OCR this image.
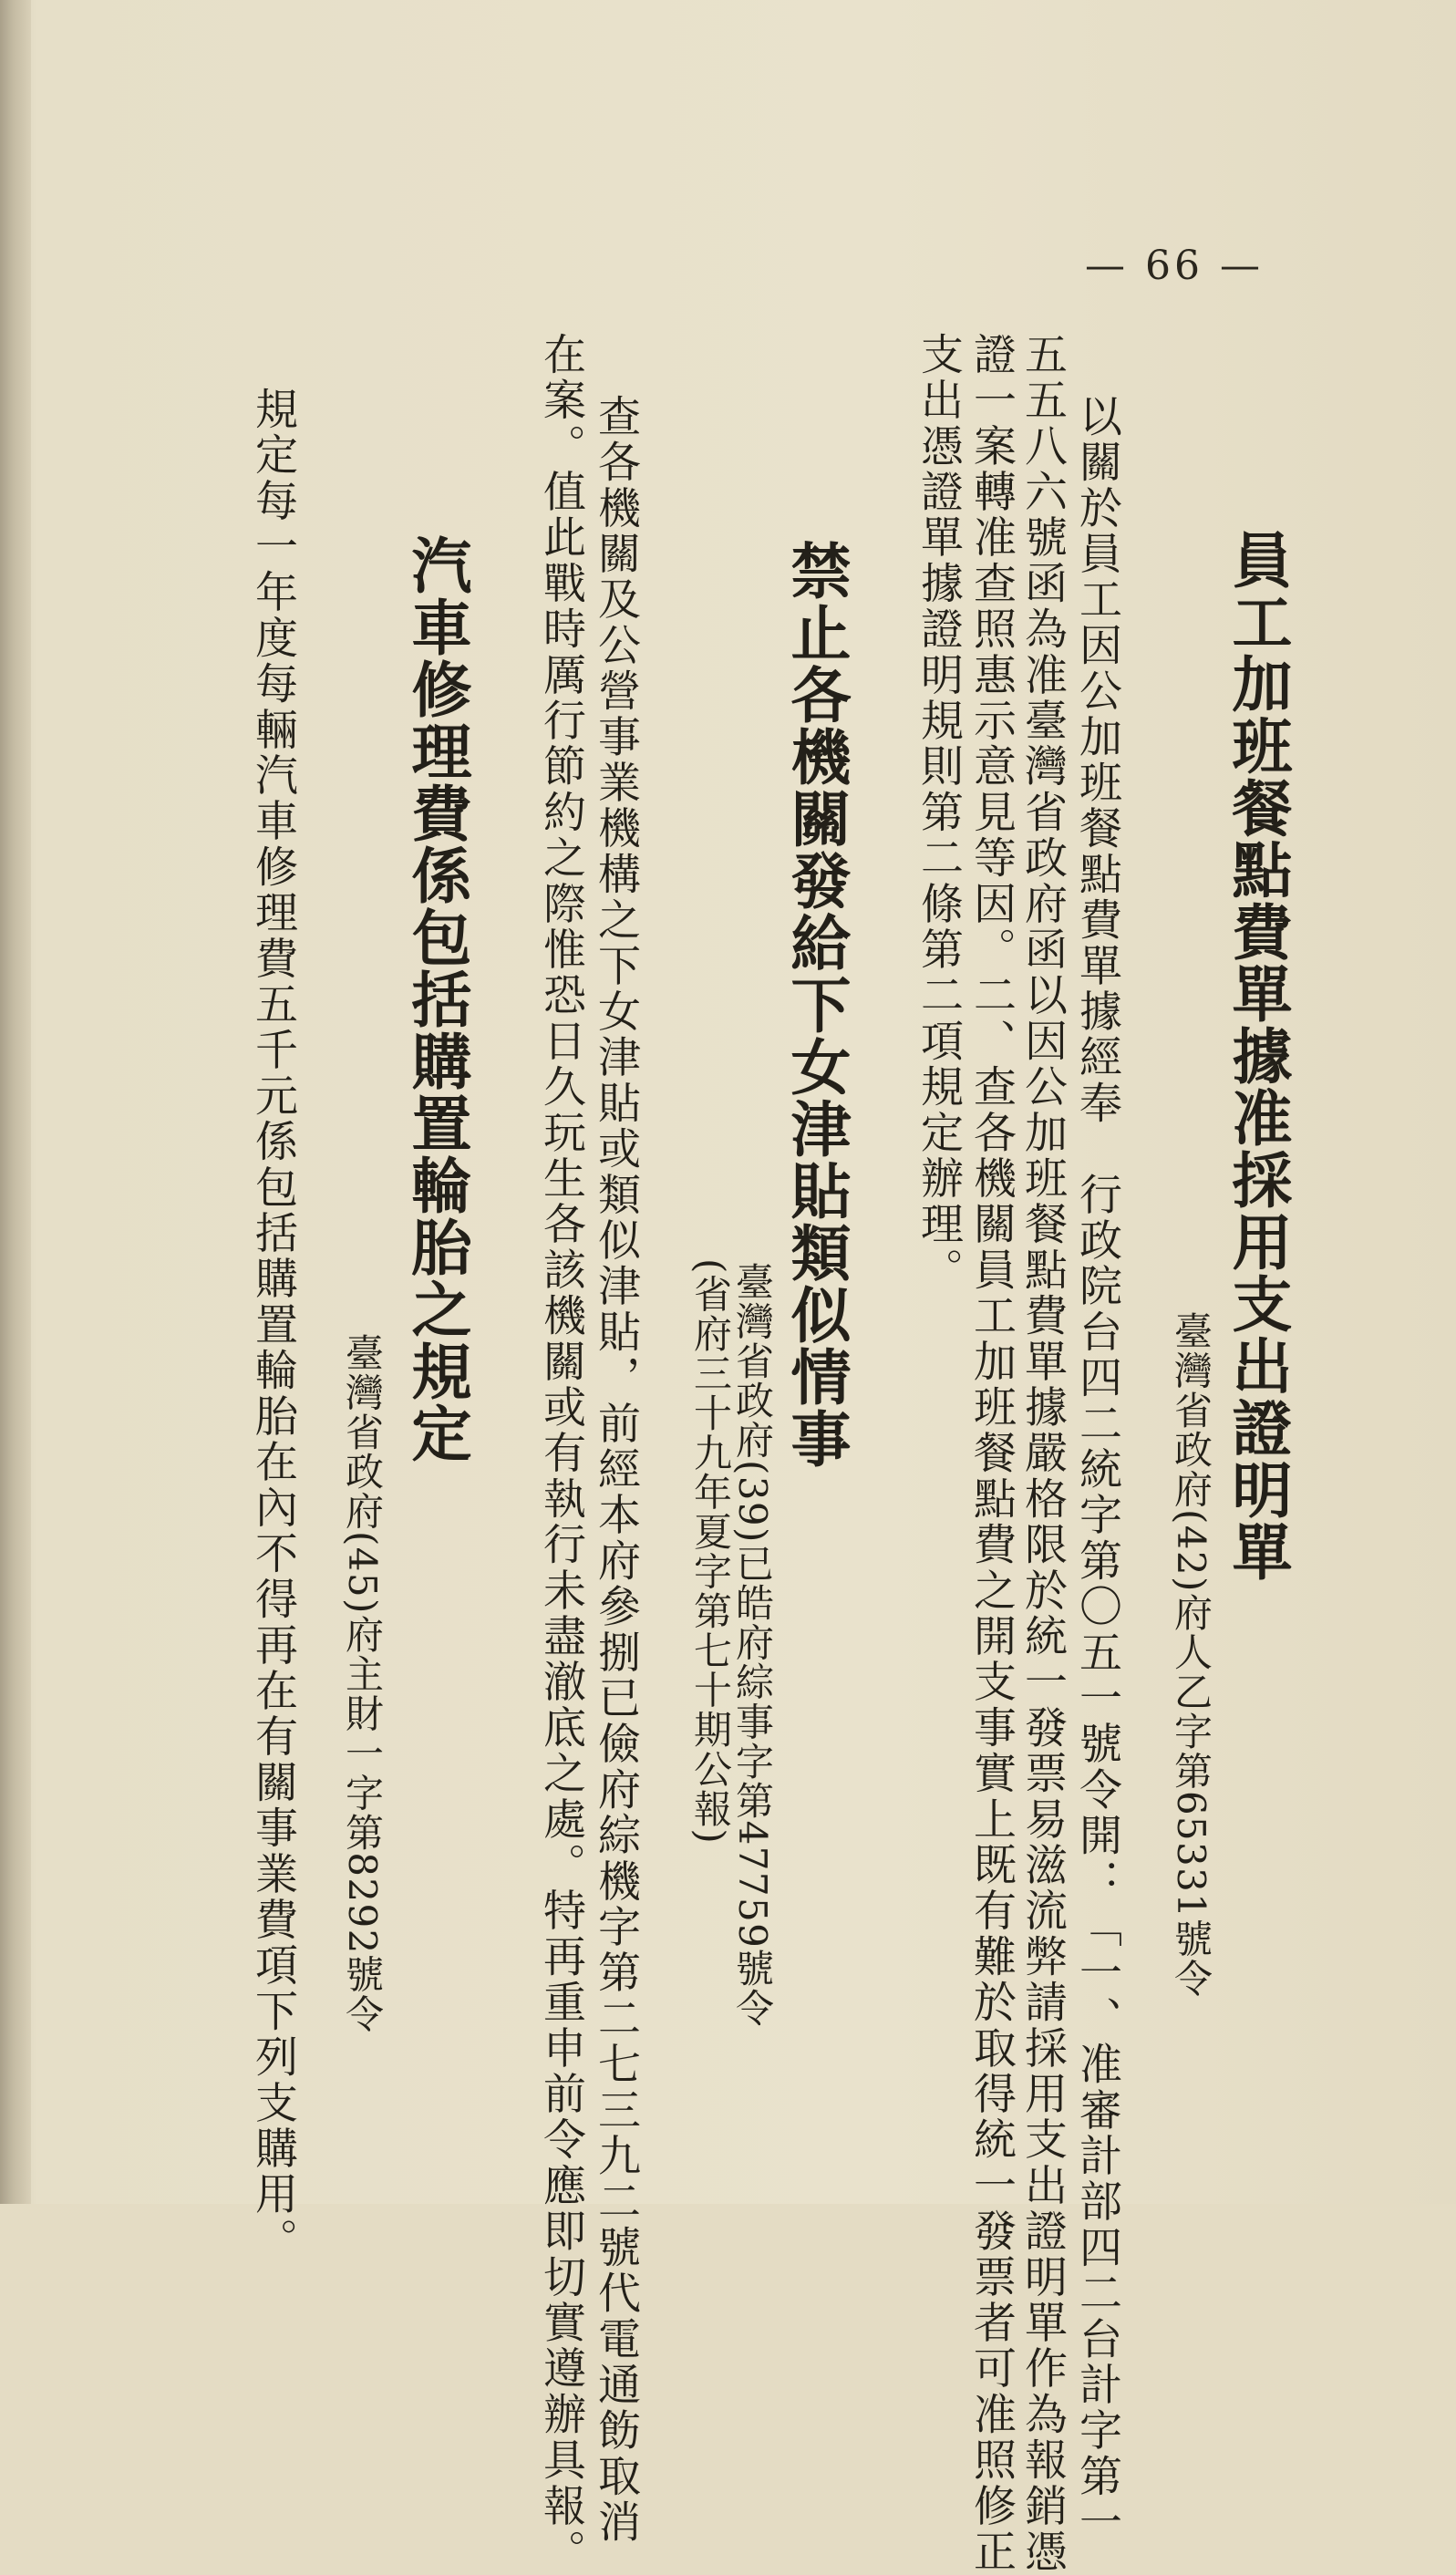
— 66 —
員工加班餐點費單據准採用支出證明單
臺灣省政府(42)府人乙字第65331號令
以關於員工因公加班餐點費單據經奉　行政院台四二統字第〇五一號令開：「一、准審計部四二台計字第一
五五八六號函為准臺灣省政府函以因公加班餐點費單據嚴格限於統一發票易滋流弊請採用支出證明單作為報銷憑
證一案轉准查照惠示意見等因。二、查各機關員工加班餐點費之開支事實上既有難於取得統一發票者可准照修正
支出憑證單據證明規則第二條第二項規定辦理。
禁止各機關發給下女津貼類似情事
臺灣省政府(39)已皓府綜事字第47759號令
(省府三十九年夏字第七十期公報)
查各機關及公營事業機構之下女津貼或類似津貼，前經本府參捌已儉府綜機字第二七三九二號代電通飭取消
在案。值此戰時厲行節約之際惟恐日久玩生各該機關或有執行未盡澈底之處。特再重申前令應即切實遵辦具報。
汽車修理費係包括購置輪胎之規定
臺灣省政府(45)府主財一字第8292號令
規定每一年度每輛汽車修理費五千元係包括購置輪胎在內不得再在有關事業費項下列支購用。
